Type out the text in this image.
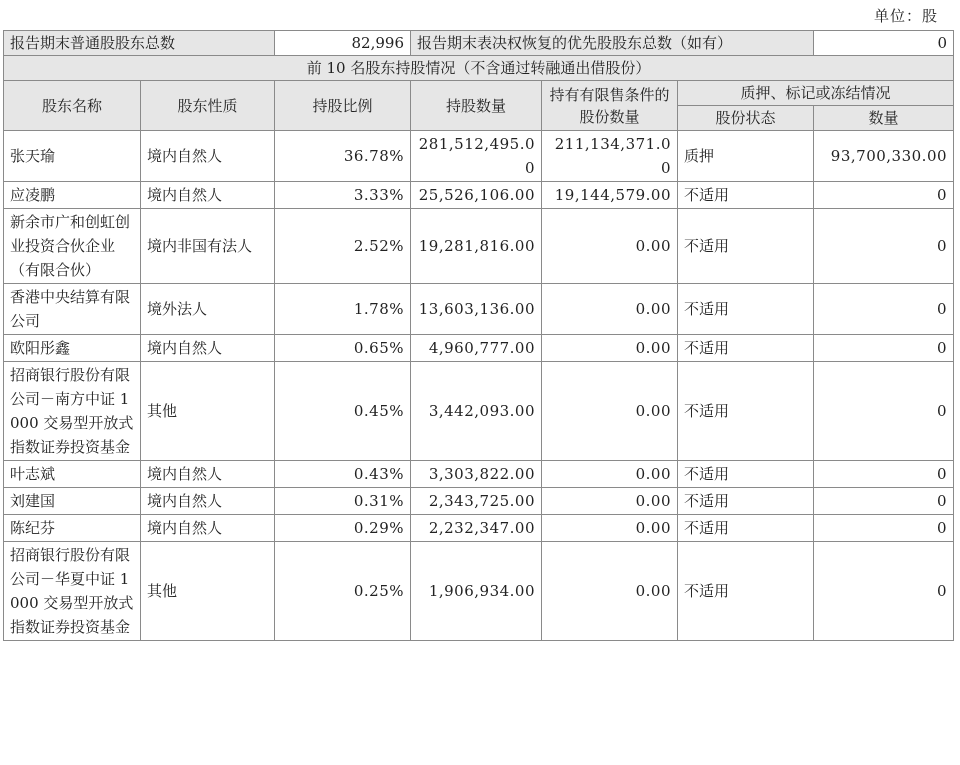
单位：股
报告期末普通股股东总数		82,996	报告期末表决权恢复的优先股股东总数（如有）			0
前 10 名股东持股情况（不含通过转融通出借股份）						
股东名称	股东性质	持股比例	持股数量	持有有限售条件的股份数量	质押、标记或冻结情况	
					股份状态	数量
张天瑜	境内自然人	36.78%	281,512,495.00	211,134,371.00	质押	93,700,330.00
应凌鹏	境内自然人	3.33%	25,526,106.00	19,144,579.00	不适用	0
新余市广和创虹创业投资合伙企业（有限合伙）	境内非国有法人	2.52%	19,281,816.00	0.00	不适用	0
香港中央结算有限公司	境外法人	1.78%	13,603,136.00	0.00	不适用	0
欧阳彤鑫	境内自然人	0.65%	4,960,777.00	0.00	不适用	0
招商银行股份有限公司－南方中证 1000 交易型开放式指数证券投资基金	其他	0.45%	3,442,093.00	0.00	不适用	0
叶志斌	境内自然人	0.43%	3,303,822.00	0.00	不适用	0
刘建国	境内自然人	0.31%	2,343,725.00	0.00	不适用	0
陈纪芬	境内自然人	0.29%	2,232,347.00	0.00	不适用	0
招商银行股份有限公司－华夏中证 1000 交易型开放式指数证券投资基金	其他	0.25%	1,906,934.00	0.00	不适用	0
